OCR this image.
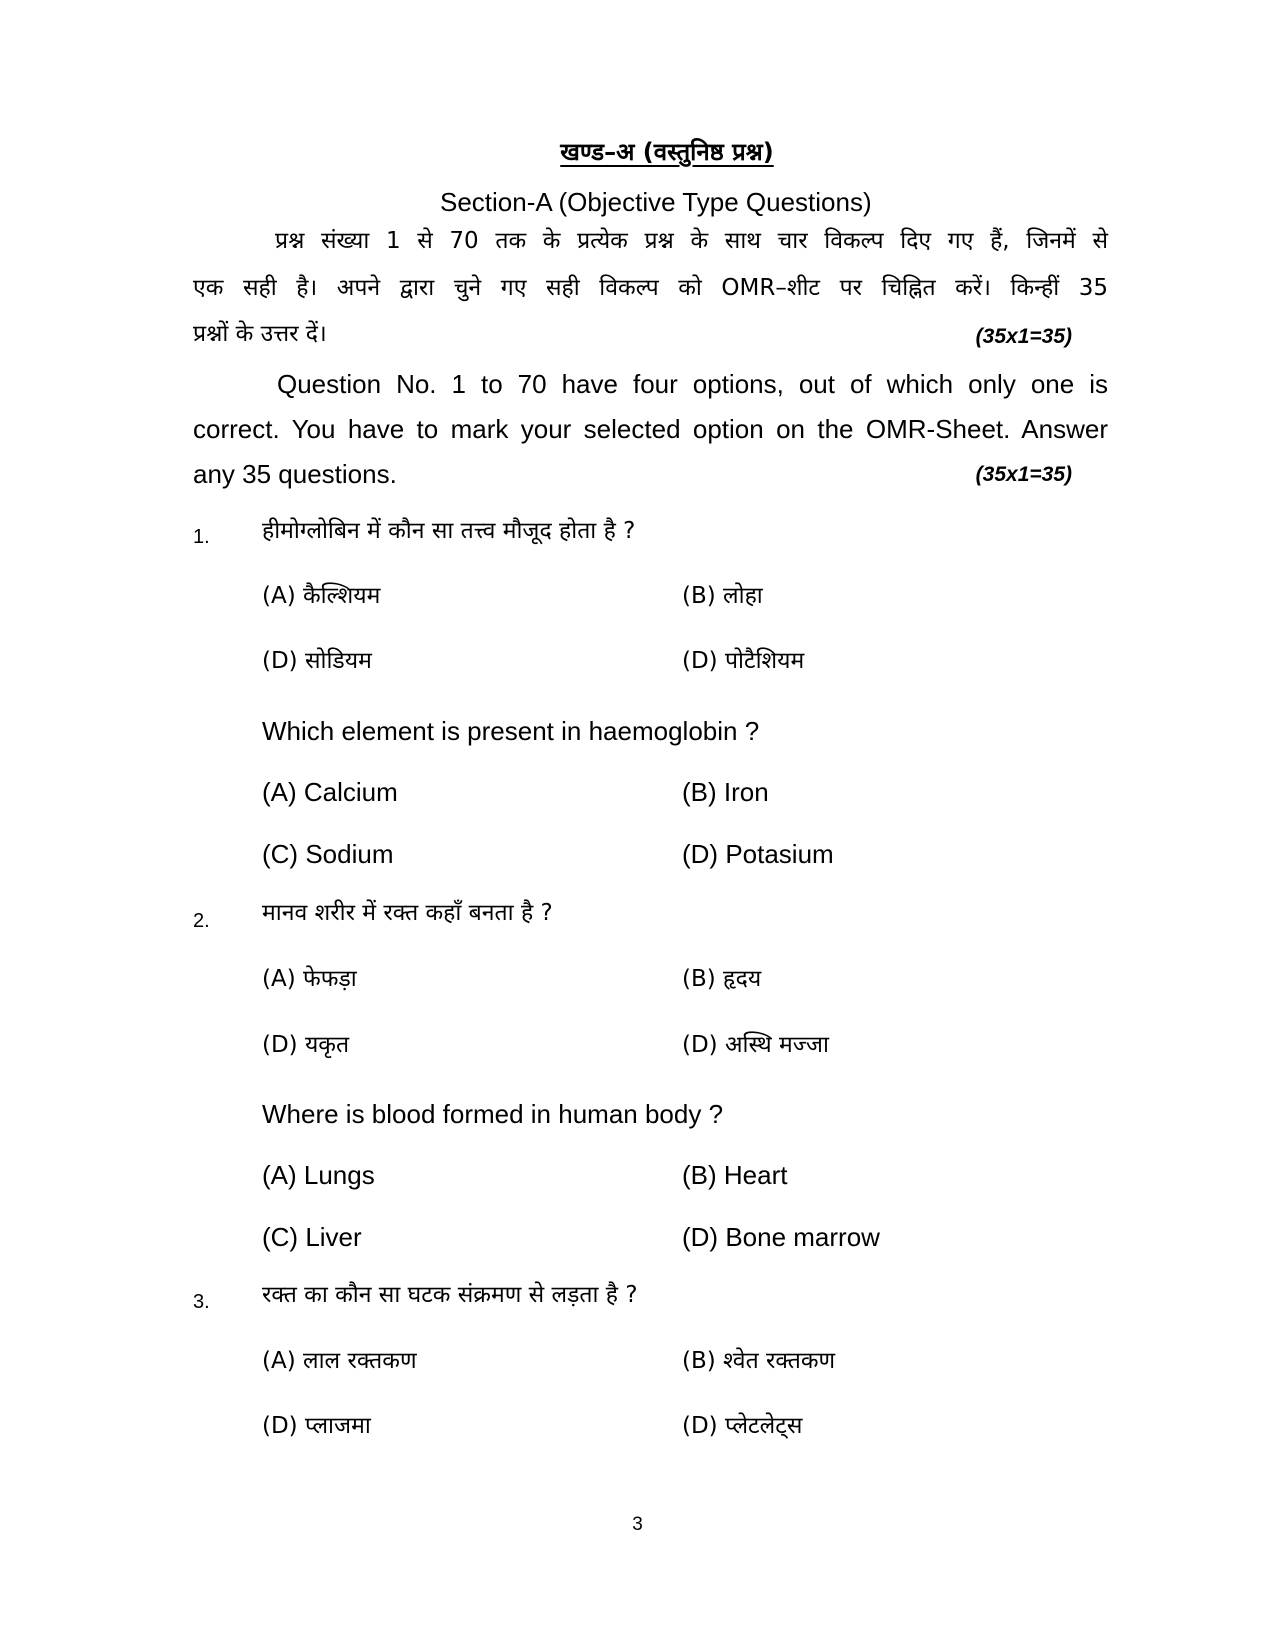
खण्ड–अ (वस्तुनिष्ठ प्रश्न)
Section-A (Objective Type Questions)
प्रश्न संख्या 1 से 70 तक के प्रत्येक प्रश्न के साथ चार विकल्प दिए गए हैं, जिनमें से
एक सही है। अपने द्वारा चुने गए सही विकल्प को OMR–शीट पर चिह्नित करें। किन्हीं 35
प्रश्नों के उत्तर दें।	(35x1=35)
Question No. 1 to 70 have four options, out of which only one is
correct. You have to mark your selected option on the OMR-Sheet. Answer
any 35 questions.	(35x1=35)
1. हीमोग्लोबिन में कौन सा तत्त्व मौजूद होता है ?
(A) कैल्शियम	(B) लोहा
(D) सोडियम	(D) पोटैशियम
Which element is present in haemoglobin ?
(A) Calcium	(B) Iron
(C) Sodium	(D) Potasium
2. मानव शरीर में रक्त कहाँ बनता है ?
(A) फेफड़ा	(B) हृदय
(D) यकृत	(D) अस्थि मज्जा
Where is blood formed in human body ?
(A) Lungs	(B) Heart
(C) Liver	(D) Bone marrow
3. रक्त का कौन सा घटक संक्रमण से लड़ता है ?
(A) लाल रक्तकण	(B) श्वेत रक्तकण
(D) प्लाजमा	(D) प्लेटलेट्स
3
